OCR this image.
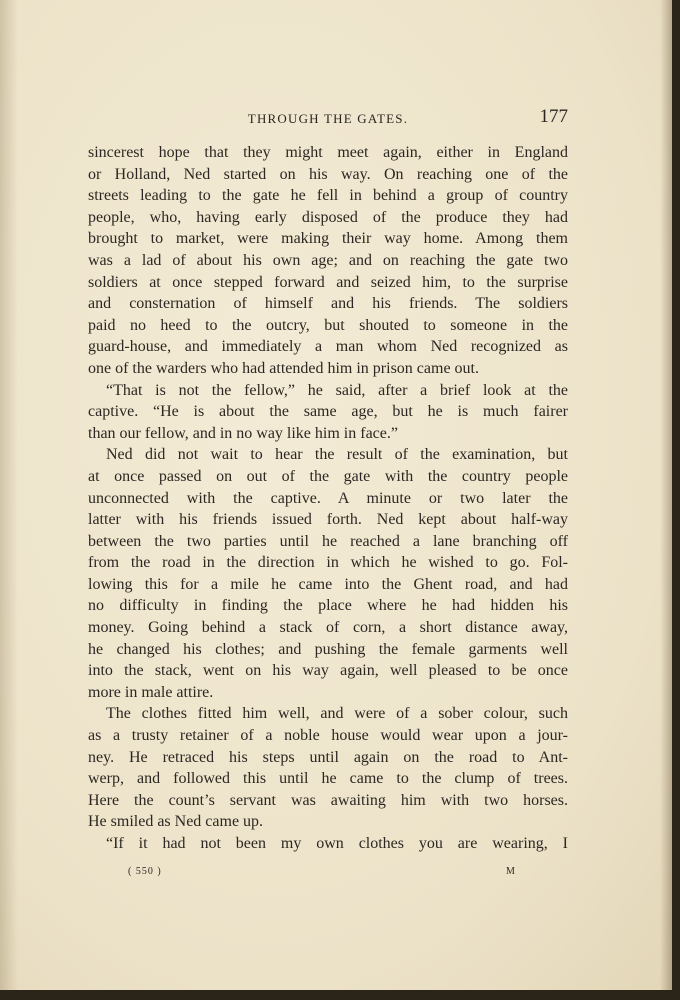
THROUGH THE GATES.	177
sincerest hope that they might meet again, either in England
or Holland, Ned started on his way. On reaching one of the
streets leading to the gate he fell in behind a group of country
people, who, having early disposed of the produce they had
brought to market, were making their way home. Among them
was a lad of about his own age; and on reaching the gate two
soldiers at once stepped forward and seized him, to the surprise
and consternation of himself and his friends. The soldiers
paid no heed to the outcry, but shouted to someone in the
guard-house, and immediately a man whom Ned recognized as
one of the warders who had attended him in prison came out.
“That is not the fellow,” he said, after a brief look at the
captive. “He is about the same age, but he is much fairer
than our fellow, and in no way like him in face.”
Ned did not wait to hear the result of the examination, but
at once passed on out of the gate with the country people
unconnected with the captive. A minute or two later the
latter with his friends issued forth. Ned kept about half-way
between the two parties until he reached a lane branching off
from the road in the direction in which he wished to go. Fol-
lowing this for a mile he came into the Ghent road, and had
no difficulty in finding the place where he had hidden his
money. Going behind a stack of corn, a short distance away,
he changed his clothes; and pushing the female garments well
into the stack, went on his way again, well pleased to be once
more in male attire.
The clothes fitted him well, and were of a sober colour, such
as a trusty retainer of a noble house would wear upon a jour-
ney. He retraced his steps until again on the road to Ant-
werp, and followed this until he came to the clump of trees.
Here the count’s servant was awaiting him with two horses.
He smiled as Ned came up.
“If it had not been my own clothes you are wearing, I
( 550 )	M
